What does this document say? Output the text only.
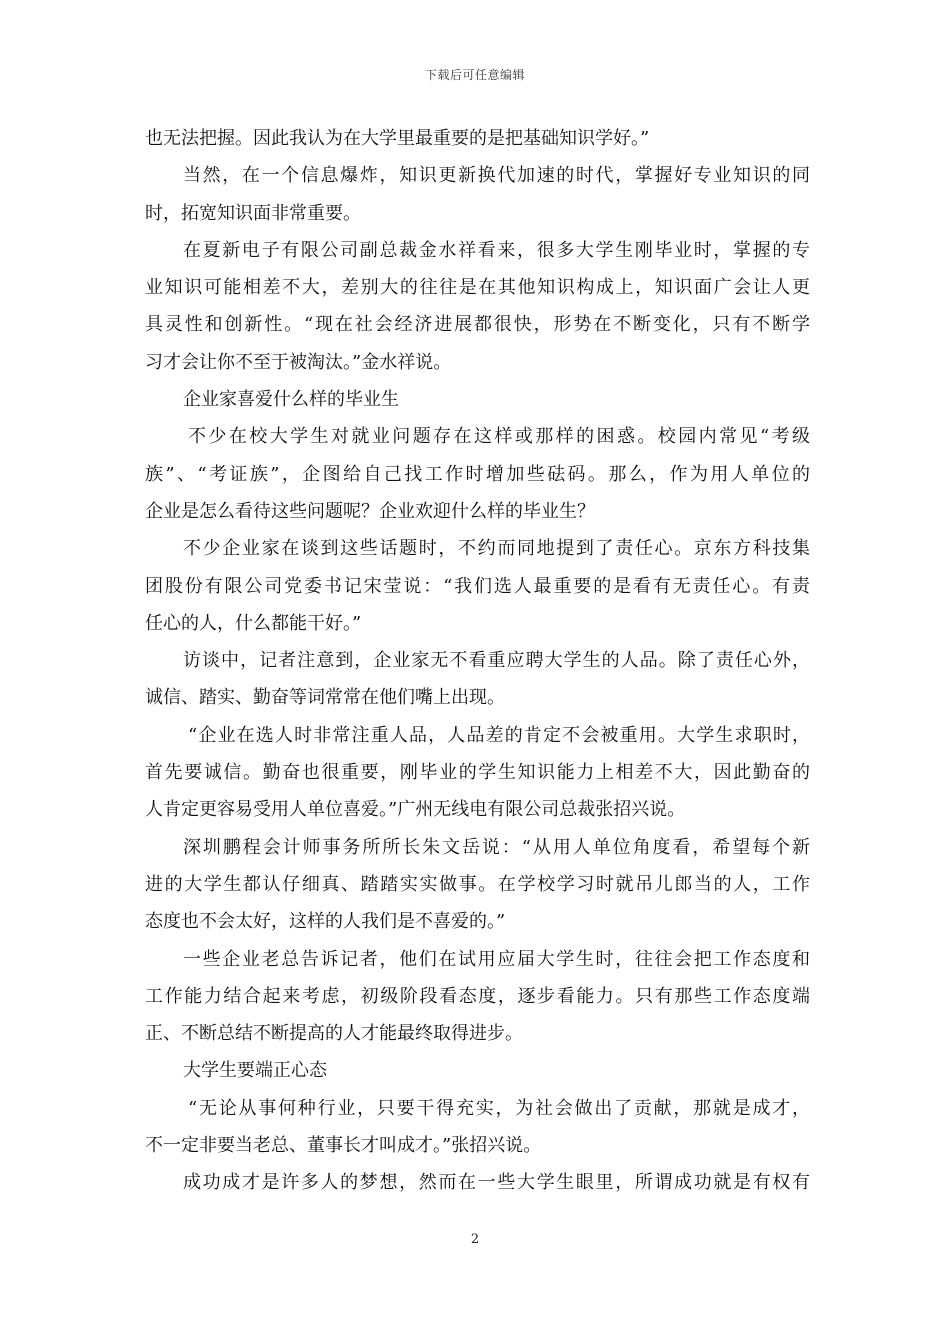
下载后可任意编辑
也无法把握。因此我认为在大学里最重要的是把基础知识学好。”
当然，在一个信息爆炸，知识更新换代加速的时代，掌握好专业知识的同
时，拓宽知识面非常重要。
在夏新电子有限公司副总裁金水祥看来，很多大学生刚毕业时，掌握的专
业知识可能相差不大，差别大的往往是在其他知识构成上，知识面广会让人更
具灵性和创新性。“现在社会经济进展都很快，形势在不断变化，只有不断学
习才会让你不至于被淘汰。”金水祥说。
企业家喜爱什么样的毕业生
不少在校大学生对就业问题存在这样或那样的困惑。校园内常见“考级
族”、“考证族”，企图给自己找工作时增加些砝码。那么，作为用人单位的
企业是怎么看待这些问题呢？企业欢迎什么样的毕业生？
不少企业家在谈到这些话题时，不约而同地提到了责任心。京东方科技集
团股份有限公司党委书记宋莹说：“我们选人最重要的是看有无责任心。有责
任心的人，什么都能干好。”
访谈中，记者注意到，企业家无不看重应聘大学生的人品。除了责任心外，
诚信、踏实、勤奋等词常常在他们嘴上出现。
“企业在选人时非常注重人品，人品差的肯定不会被重用。大学生求职时，
首先要诚信。勤奋也很重要，刚毕业的学生知识能力上相差不大，因此勤奋的
人肯定更容易受用人单位喜爱。”广州无线电有限公司总裁张招兴说。
深圳鹏程会计师事务所所长朱文岳说：“从用人单位角度看，希望每个新
进的大学生都认仔细真、踏踏实实做事。在学校学习时就吊儿郎当的人，工作
态度也不会太好，这样的人我们是不喜爱的。”
一些企业老总告诉记者，他们在试用应届大学生时，往往会把工作态度和
工作能力结合起来考虑，初级阶段看态度，逐步看能力。只有那些工作态度端
正、不断总结不断提高的人才能最终取得进步。
大学生要端正心态
“无论从事何种行业，只要干得充实，为社会做出了贡献，那就是成才，
不一定非要当老总、董事长才叫成才。”张招兴说。
成功成才是许多人的梦想，然而在一些大学生眼里，所谓成功就是有权有
2
